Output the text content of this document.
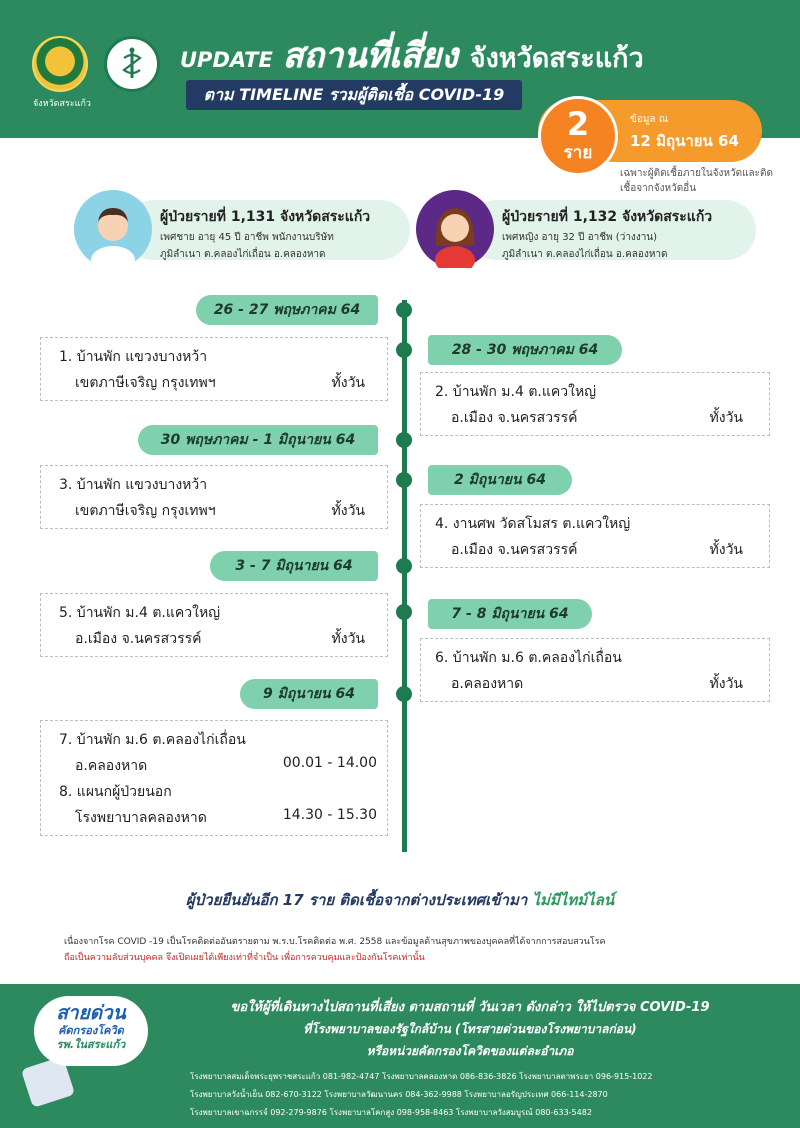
จังหวัดสระแก้ว
UPDATE สถานที่เสี่ยง จังหวัดสระแก้ว
ตาม TIMELINE รวมผู้ติดเชื้อ COVID-19
2
ราย
ข้อมูล ณ
12 มิถุนายน 64
เฉพาะผู้ติดเชื้อภายในจังหวัดและติดเชื้อจากจังหวัดอื่น
ผู้ป่วยรายที่ 1,131 จังหวัดสระแก้ว
เพศชาย อายุ 45 ปี อาชีพ พนักงานบริษัท
ภูมิลำเนา ต.คลองไก่เถื่อน อ.คลองหาด
ผู้ป่วยรายที่ 1,132 จังหวัดสระแก้ว
เพศหญิง อายุ 32 ปี อาชีพ (ว่างงาน)
ภูมิลำเนา ต.คลองไก่เถื่อน อ.คลองหาด
26 - 27 พฤษภาคม 64
30 พฤษภาคม - 1 มิถุนายน 64
3 - 7 มิถุนายน 64
9 มิถุนายน 64
28 - 30 พฤษภาคม 64
2 มิถุนายน 64
7 - 8 มิถุนายน 64
1. บ้านพัก แขวงบางหว้า
เขตภาษีเจริญ กรุงเทพฯ	ทั้งวัน
2. บ้านพัก ม.4 ต.แควใหญ่
อ.เมือง จ.นครสวรรค์	ทั้งวัน
3. บ้านพัก แขวงบางหว้า
เขตภาษีเจริญ กรุงเทพฯ	ทั้งวัน
4. งานศพ วัดสโมสร ต.แควใหญ่
อ.เมือง จ.นครสวรรค์	ทั้งวัน
5. บ้านพัก ม.4 ต.แควใหญ่
อ.เมือง จ.นครสวรรค์	ทั้งวัน
6. บ้านพัก ม.6 ต.คลองไก่เถื่อน
อ.คลองหาด	ทั้งวัน
7. บ้านพัก ม.6 ต.คลองไก่เถื่อน
อ.คลองหาด	00.01 - 14.00
8. แผนกผู้ป่วยนอก
โรงพยาบาลคลองหาด	14.30 - 15.30
ผู้ป่วยยืนยันอีก 17 ราย ติดเชื้อจากต่างประเทศเข้ามา ไม่มีไทม์ไลน์
เนื่องจากโรค COVID -19 เป็นโรคติดต่ออันตรายตาม พ.ร.บ.โรคติดต่อ พ.ศ. 2558 และข้อมูลด้านสุขภาพของบุคคลที่ได้จากการสอบสวนโรค
ถือเป็นความลับส่วนบุคคล จึงเปิดเผยได้เพียงเท่าที่จำเป็น เพื่อการควบคุมและป้องกันโรคเท่านั้น
สายด่วน
คัดกรองโควิด
รพ.ในสระแก้ว
ขอให้ผู้ที่เดินทางไปสถานที่เสี่ยง ตามสถานที่ วันเวลา ดังกล่าว ให้ไปตรวจ COVID-19
ที่โรงพยาบาลของรัฐใกล้บ้าน (โทรสายด่วนของโรงพยาบาลก่อน)
หรือหน่วยคัดกรองโควิดของแต่ละอำเภอ
โรงพยาบาลสมเด็จพระยุพราชสระแก้ว 081-982-4747 โรงพยาบาลคลองหาด 086-836-3826 โรงพยาบาลตาพระยา 096-915-1022
โรงพยาบาลวังน้ำเย็น 082-670-3122 โรงพยาบาลวัฒนานคร 084-362-9988 โรงพยาบาลอรัญประเทศ 066-114-2870
โรงพยาบาลเขาฉกรรจ์ 092-279-9876 โรงพยาบาลโคกสูง 098-958-8463 โรงพยาบาลวังสมบูรณ์ 080-633-5482
